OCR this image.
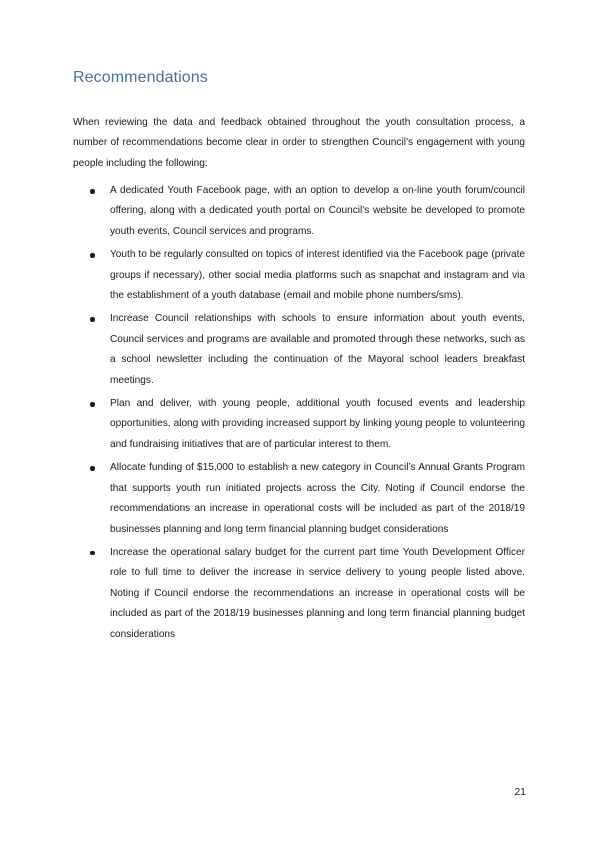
Recommendations

When reviewing the data and feedback obtained throughout the youth consultation process, a number of recommendations become clear in order to strengthen Council’s engagement with young people including the following:

A dedicated Youth Facebook page, with an option to develop a on-line youth forum/council offering, along with a dedicated youth portal on Council’s website be developed to promote youth events, Council services and programs.
Youth to be regularly consulted on topics of interest identified via the Facebook page (private groups if necessary), other social media platforms such as snapchat and instagram and via the establishment of a youth database (email and mobile phone numbers/sms).
Increase Council relationships with schools to ensure information about youth events, Council services and programs are available and promoted through these networks, such as a school newsletter including the continuation of the Mayoral school leaders breakfast meetings.
Plan and deliver, with young people, additional youth focused events and leadership opportunities, along with providing increased support by linking young people to volunteering and fundraising initiatives that are of particular interest to them.
Allocate funding of $15,000 to establish a new category in Council’s Annual Grants Program that supports youth run initiated projects across the City. Noting if Council endorse the recommendations an increase in operational costs will be included as part of the 2018/19 businesses planning and long term financial planning budget considerations
Increase the operational salary budget for the current part time Youth Development Officer role to full time to deliver the increase in service delivery to young people listed above. Noting if Council endorse the recommendations an increase in operational costs will be included as part of the 2018/19 businesses planning and long term financial planning budget considerations
21
